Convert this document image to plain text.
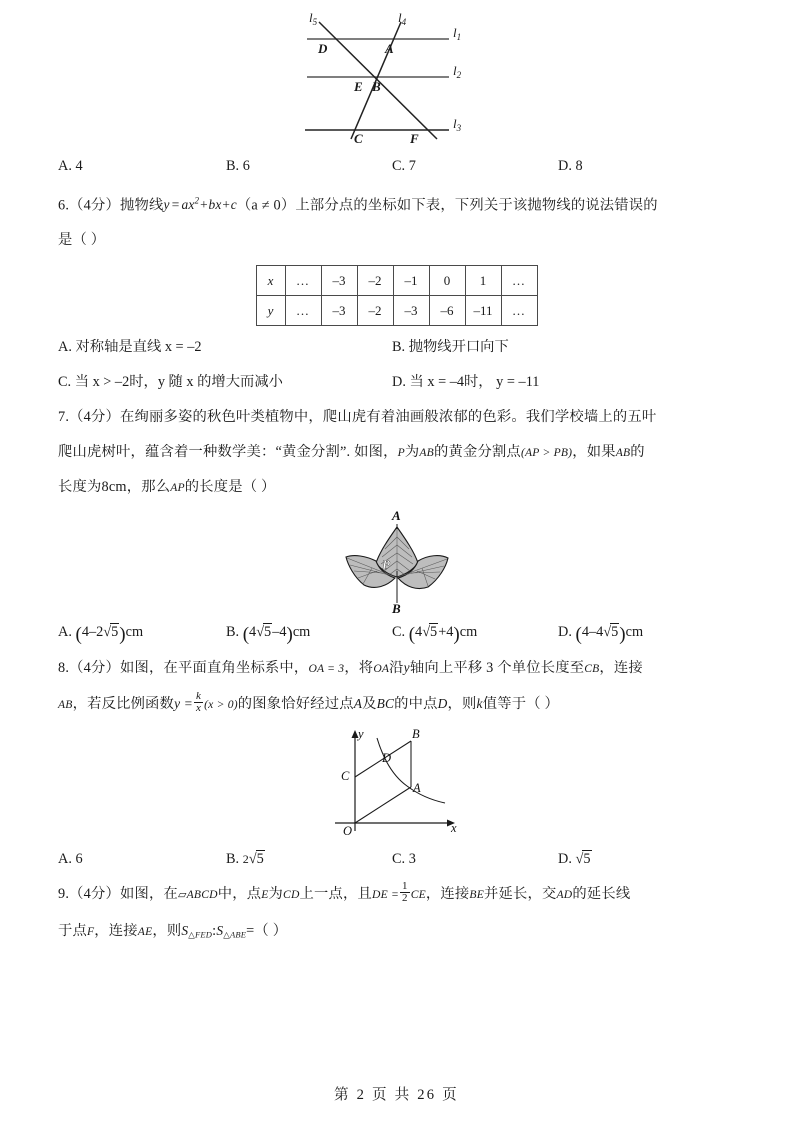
$l_1$
$l_2$
$l_3$
$l_5$	$l_4$
D	A
E B
C	F
A. 4	B. 6	C. 7	D. 8
6.（4分）抛物线y = $ax^2+bx+c(a \ne 0)$上部分点的坐标如下表，下列关于该抛物线的说法错误的
是（ ）
x	…	–3	–2	–1	0	1	…
y	…	–3	–2	–3	–6	–11	…
A. 对称轴是直线 x = –2	B. 抛物线开口向下
C. 当 x > –2时，y 随 x 的增大而减小	D. 当 x = –4时， y = –11
7.（4分）在绚丽多姿的秋色叶类植物中，爬山虎有着油画般浓郁的色彩。我们学校墙上的五叶
爬山虎树叶，蕴含着一种数学美：“黄金分割”. 如图，P为AB的黄金分割点(AP > PB)，如果AB的
长度为8cm，那么AP的长度是（ ）
A
P
B
A. (4–2√5)cm	B. (4√5–4)cm	C. (4√5+4)cm	D. (4–4√5)cm
8.（4分）如图，在平面直角坐标系中，OA = 3，将OA沿y轴向上平移 3 个单位长度至CB，连接
AB，若反比例函数$y = \frac{k}{x} (x > 0)$的图象恰好经过点A及BC的中点D，则k值等于（ ）
y
x
O
B
D
C
A
A. 6	B. 2√5	C. 3	D. √5
9.（4分）如图，在▱ABCD中，点E为CD上一点，且DE = $\frac{1}{2}$ CE，连接BE并延长，交AD的延长线
于点F，连接AE，则S△FED:S△ABE=（ ）
第 2 页 共 26 页
